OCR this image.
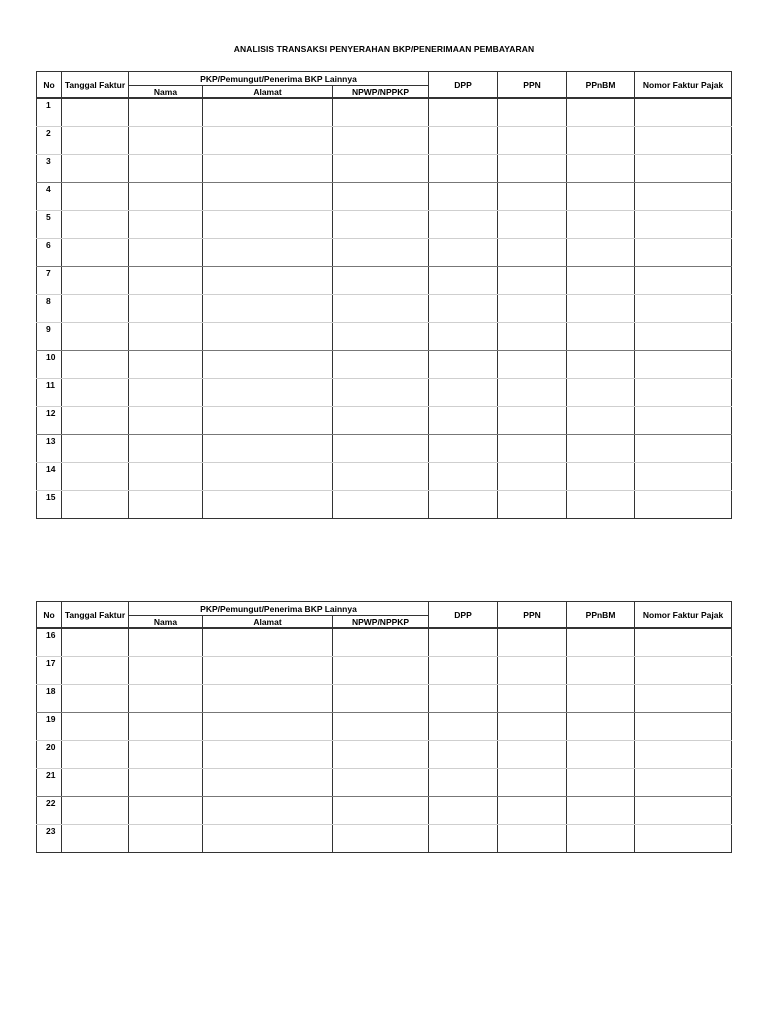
ANALISIS TRANSAKSI PENYERAHAN BKP/PENERIMAAN PEMBAYARAN
No	Tanggal Faktur	PKP/Pemungut/Penerima BKP Lainnya			DPP	PPN	PPnBM	Nomor Faktur Pajak
		Nama	Alamat	NPWP/NPPKP				
1								
2								
3								
4								
5								
6								
7								
8								
9								
10								
11								
12								
13								
14								
15								
No	Tanggal Faktur	PKP/Pemungut/Penerima BKP Lainnya			DPP	PPN	PPnBM	Nomor Faktur Pajak
		Nama	Alamat	NPWP/NPPKP				
16								
17								
18								
19								
20								
21								
22								
23								
